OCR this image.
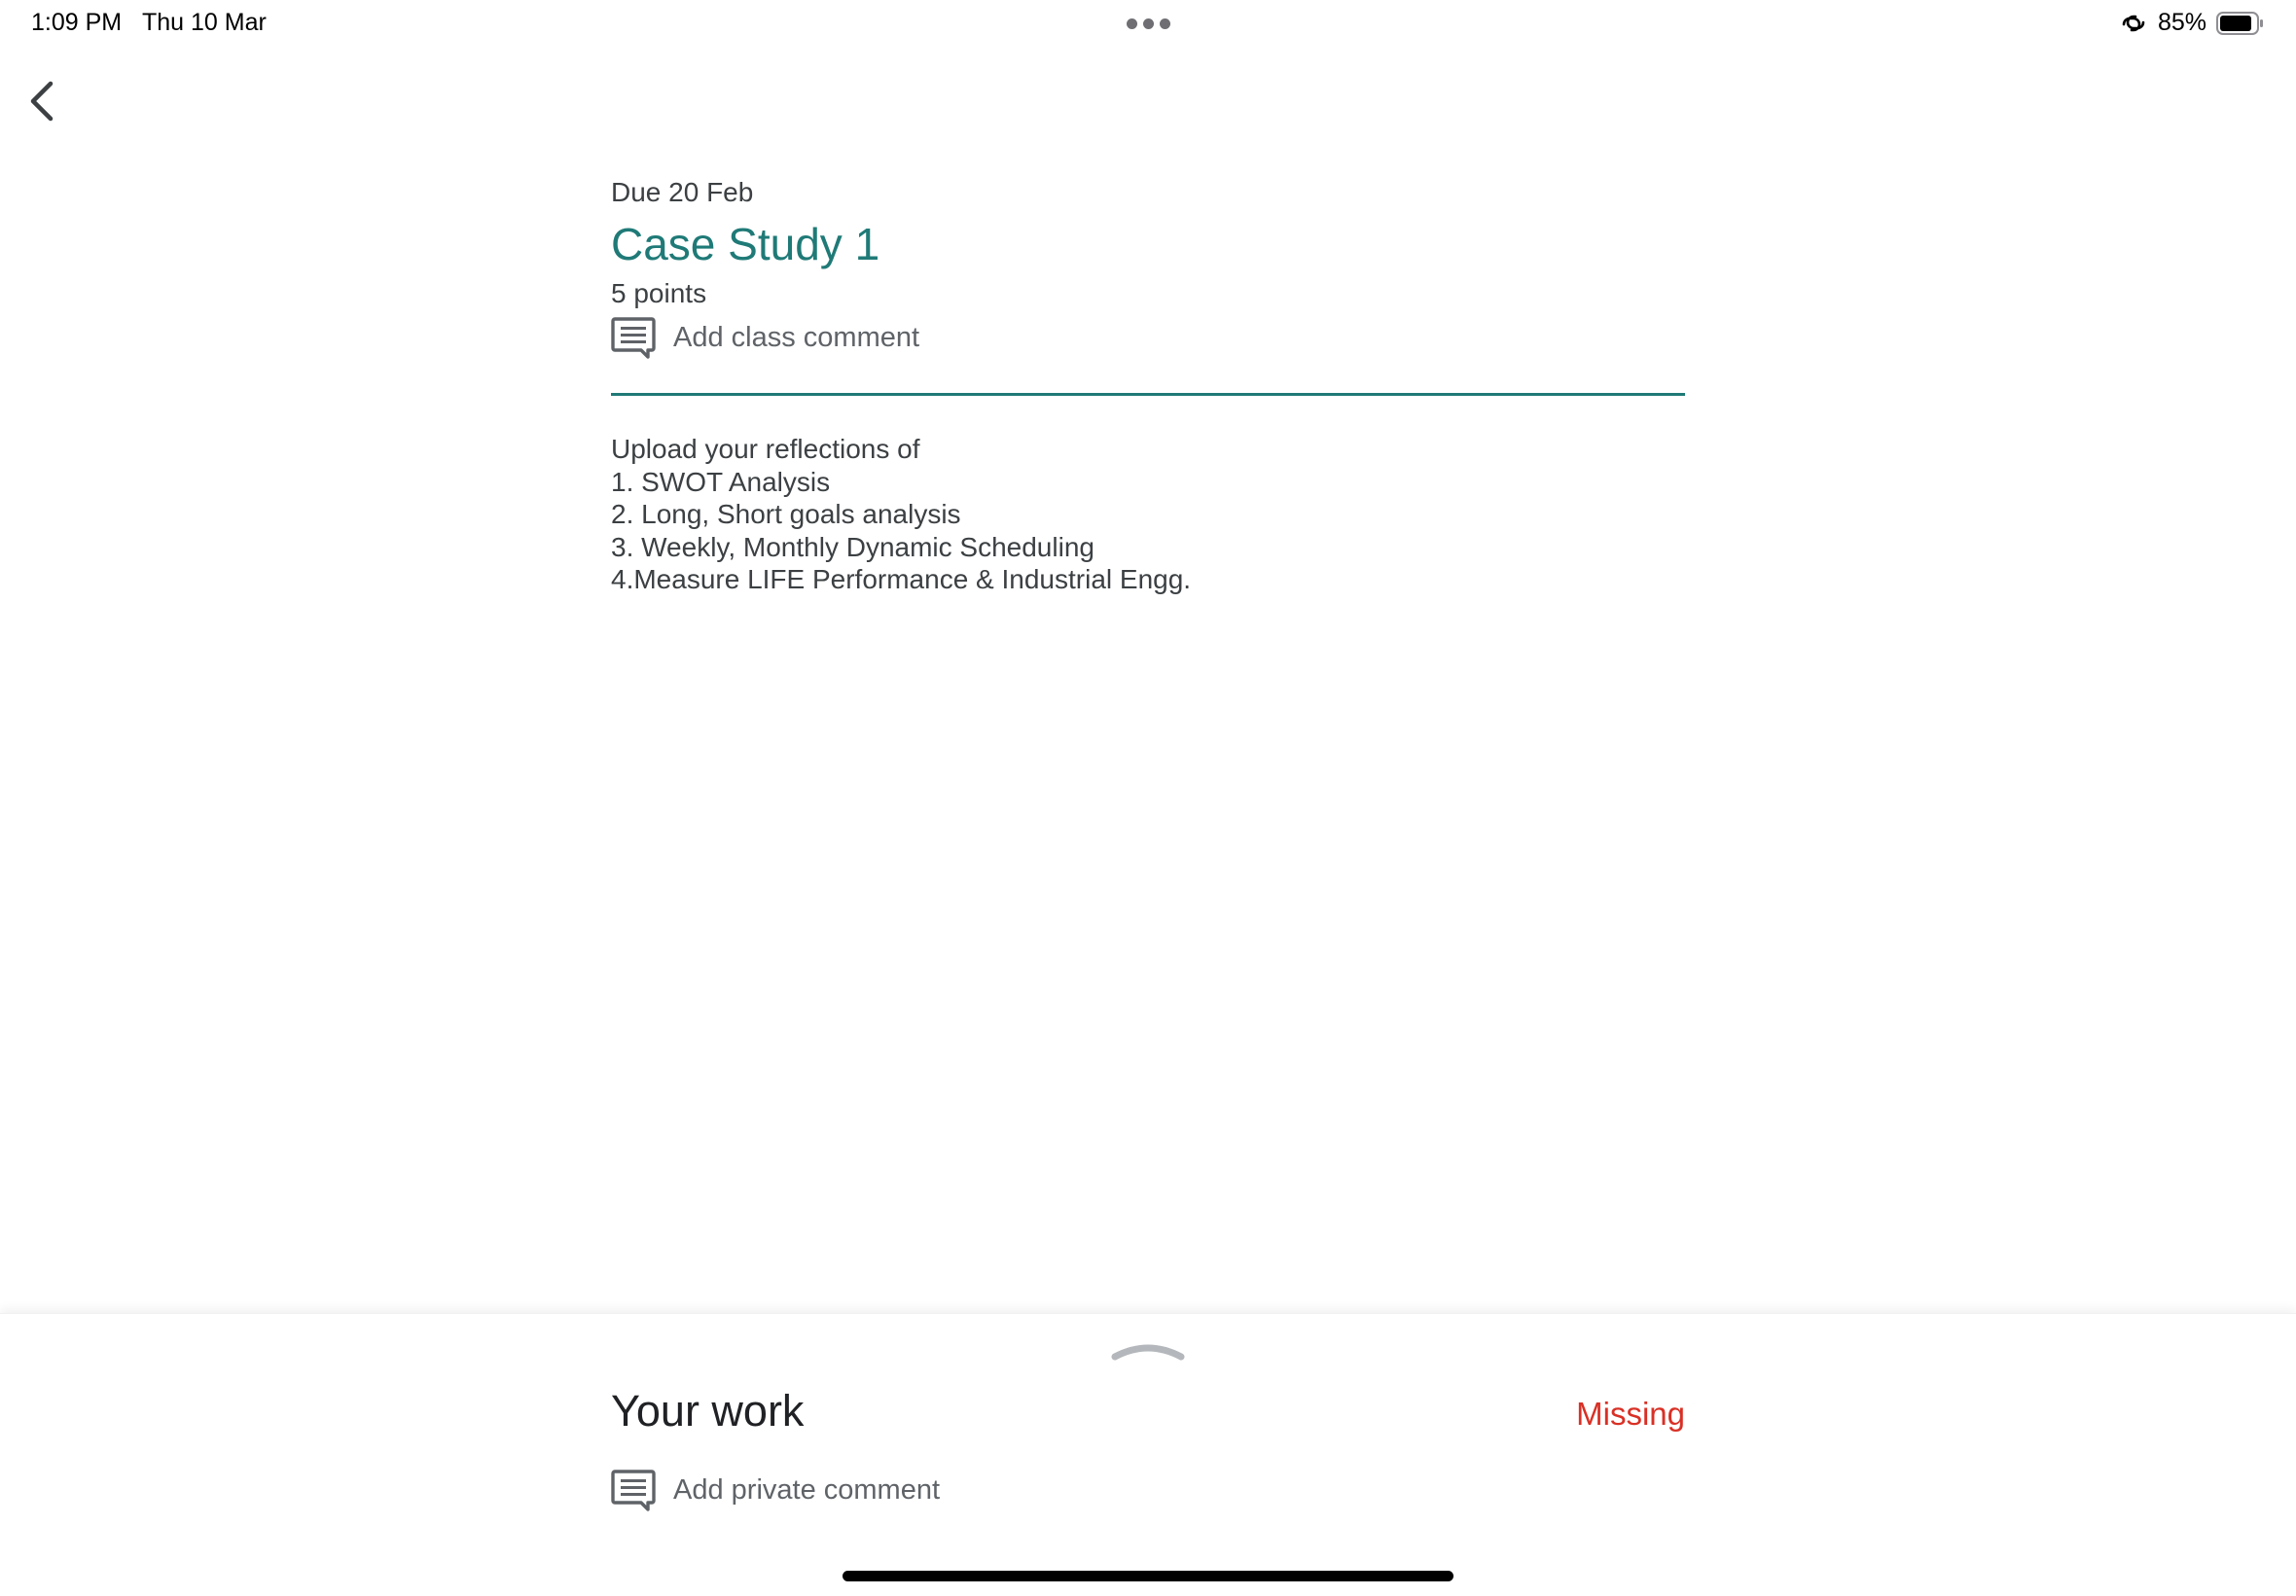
1:09 PM Thu 10 Mar	85%
Due 20 Feb
Case Study 1
5 points
Add class comment
Upload your reflections of
1. SWOT Analysis
2. Long, Short goals analysis
3. Weekly, Monthly Dynamic Scheduling
4.Measure LIFE Performance & Industrial Engg.
Your work	Missing
Add private comment
